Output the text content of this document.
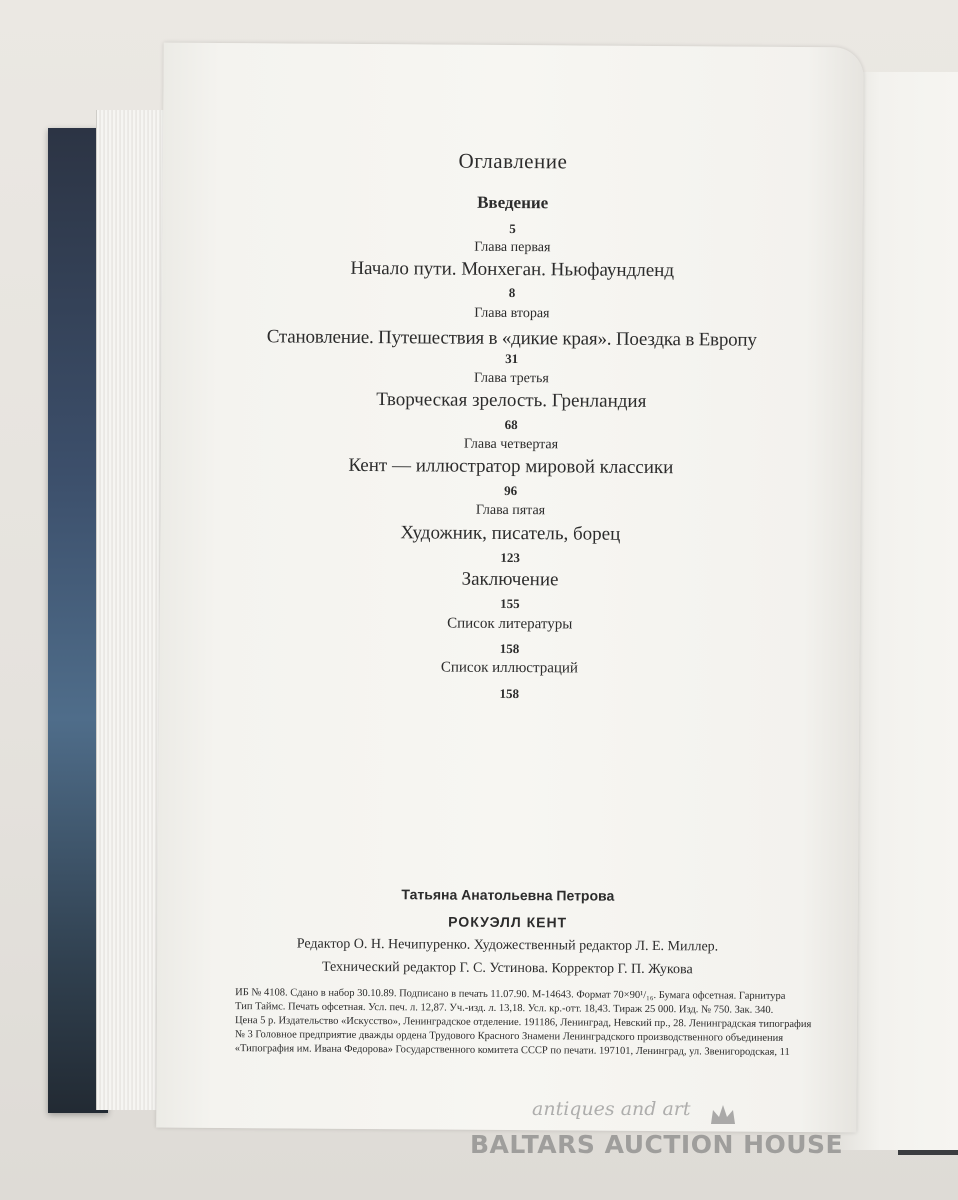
Оглавление
Введение
5
Глава первая
Начало пути. Монхеган. Ньюфаундленд
8
Глава вторая
Становление. Путешествия в «дикие края». Поездка в Европу
31
Глава третья
Творческая зрелость. Гренландия
68
Глава четвертая
Кент — иллюстратор мировой классики
96
Глава пятая
Художник, писатель, борец
123
Заключение
155
Список литературы
158
Список иллюстраций
158
Татьяна Анатольевна Петрова
РОКУЭЛЛ КЕНТ
Редактор О. Н. Нечипуренко. Художественный редактор Л. Е. Миллер.
Технический редактор Г. С. Устинова. Корректор Г. П. Жукова
ИБ № 4108. Сдано в набор 30.10.89. Подписано в печать 11.07.90. М-14643. Формат 70×90¹/₁₆. Бумага офсетная. Гарнитура
Тип Таймс. Печать офсетная. Усл. печ. л. 12,87. Уч.-изд. л. 13,18. Усл. кр.-отт. 18,43. Тираж 25 000. Изд. № 750. Зак. 340.
Цена 5 р. Издательство «Искусство», Ленинградское отделение. 191186, Ленинград, Невский пр., 28. Ленинградская типография
№ 3 Головное предприятие дважды ордена Трудового Красного Знамени Ленинградского производственного объединения
«Типография им. Ивана Федорова» Государственного комитета СССР по печати. 197101, Ленинград, ул. Звенигородская, 11
antiques and art
BALTARS AUCTION HOUSE
